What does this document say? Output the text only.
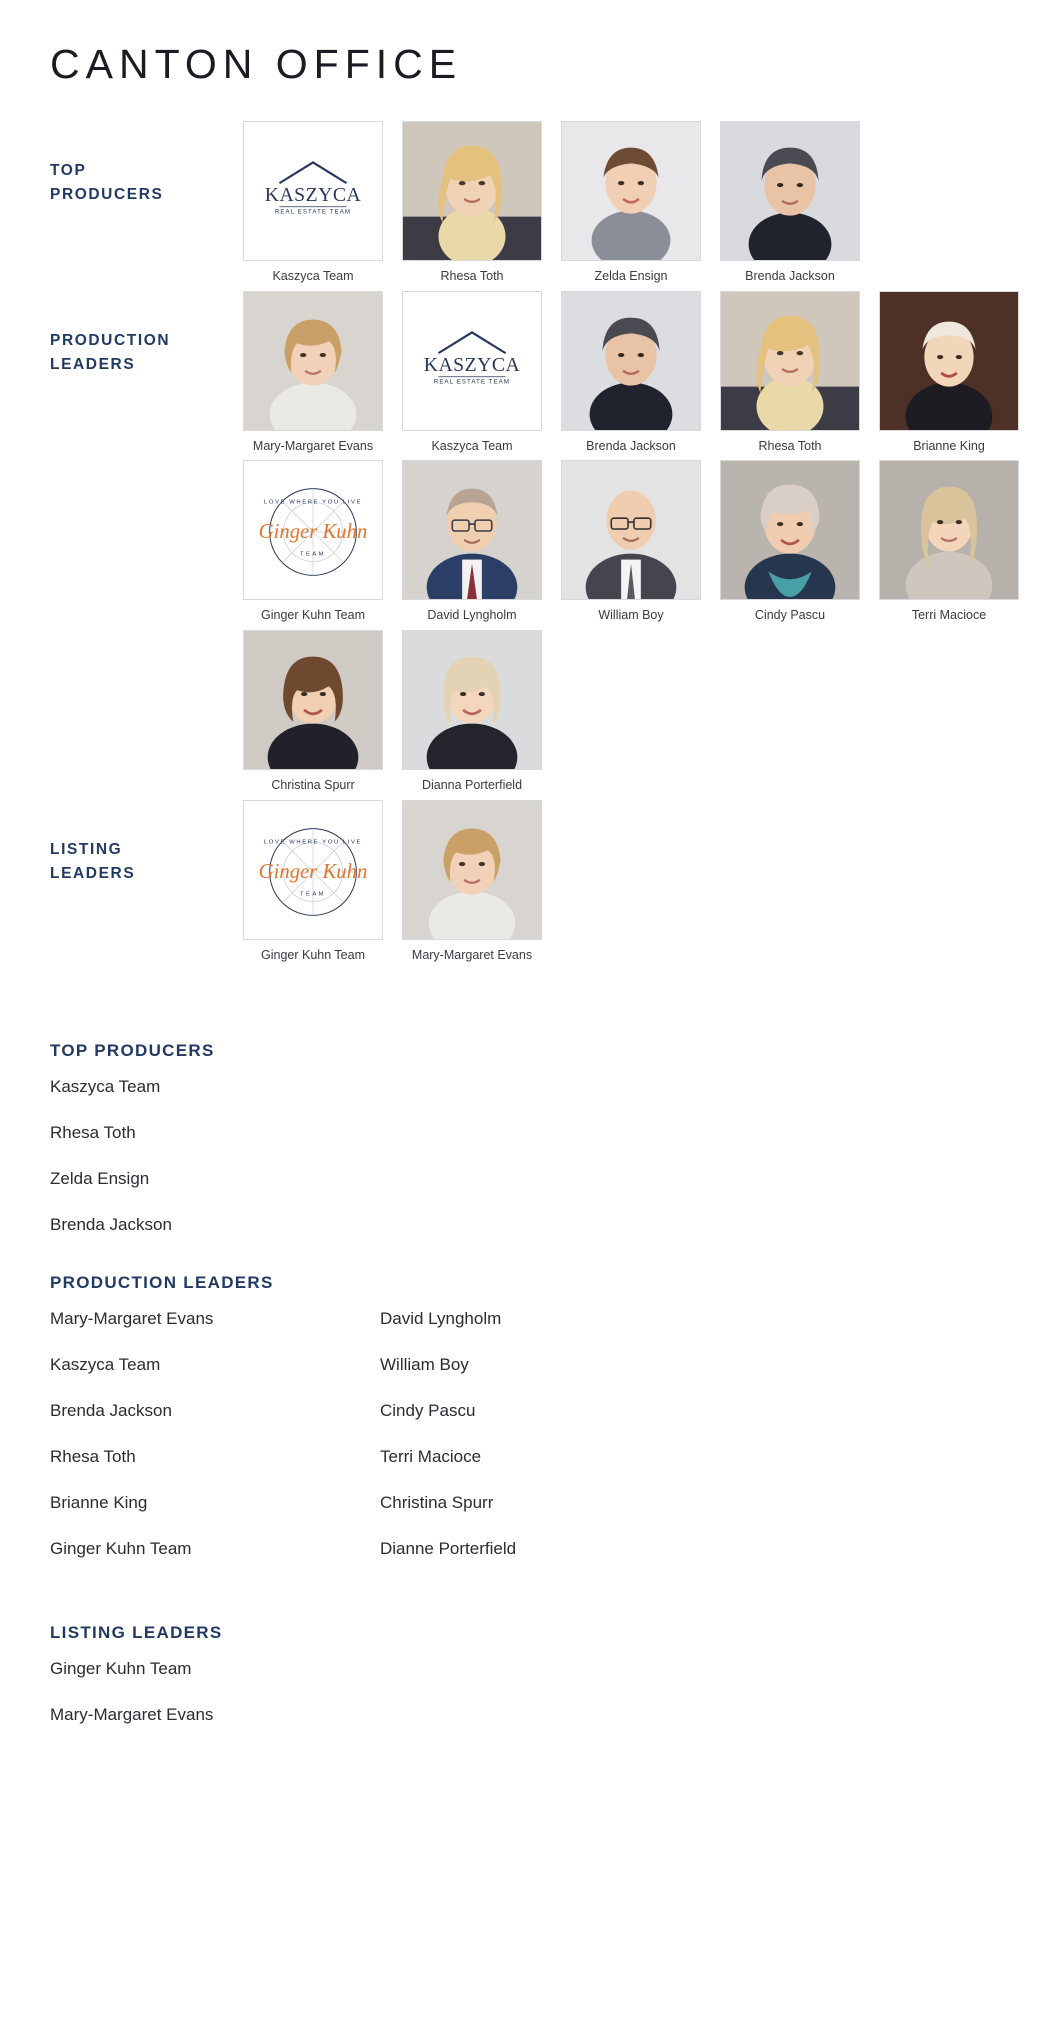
CANTON OFFICE
TOP
PRODUCERS	KASZYCA
REAL ESTATE TEAM
Kaszyca Team	Rhesa Toth	Zelda Ensign	Brenda Jackson
PRODUCTION
LEADERS
Mary-Margaret Evans
KASZYCA
REAL ESTATE TEAM
Kaszyca Team	Brenda Jackson	Rhesa Toth	Brianne King
LOVE WHERE YOU LIVE
Ginger Kuhn
TEAM
Ginger Kuhn Team	David Lyngholm	William Boy	Cindy Pascu	Terri Macioce
Christina Spurr	Dianna Porterfield
LISTING
LEADERS
LOVE WHERE YOU LIVE
Ginger Kuhn
TEAM
Ginger Kuhn Team	Mary-Margaret Evans
TOP PRODUCERS
Kaszyca Team
Rhesa Toth
Zelda Ensign
Brenda Jackson
PRODUCTION LEADERS
Mary-Margaret Evans
Kaszyca Team
Brenda Jackson
Rhesa Toth
Brianne King
Ginger Kuhn Team
David Lyngholm
William Boy
Cindy Pascu
Terri Macioce
Christina Spurr
Dianne Porterfield
LISTING LEADERS
Ginger Kuhn Team
Mary-Margaret Evans
